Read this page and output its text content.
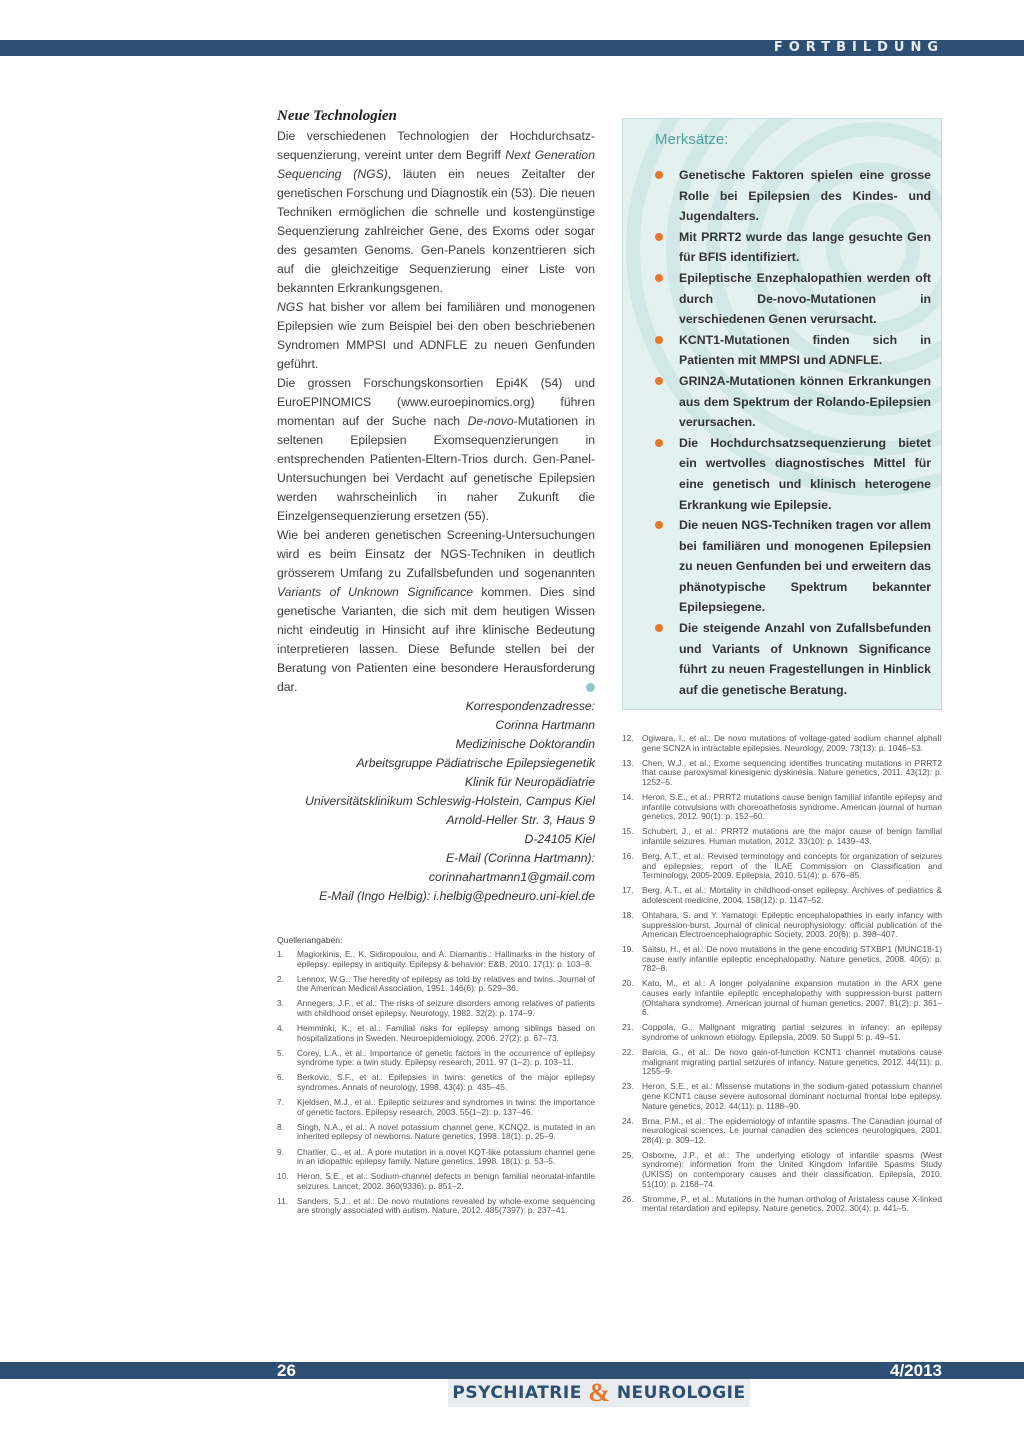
FORTBILDUNG
Neue Technologien

Die verschiedenen Technologien der Hochdurchsatz-sequenzierung, vereint unter dem Begriff Next Generation Sequencing (NGS), läuten ein neues Zeitalter der genetischen Forschung und Diagnostik ein (53). Die neuen Techniken ermöglichen die schnelle und kostengünstige Sequenzierung zahlreicher Gene, des Exoms oder sogar des gesamten Genoms. Gen-Panels konzentrieren sich auf die gleichzeitige Sequenzierung einer Liste von bekannten Erkrankungsgenen.

NGS hat bisher vor allem bei familiären und monogenen Epilepsien wie zum Beispiel bei den oben beschriebenen Syndromen MMPSI und ADNFLE zu neuen Genfunden geführt.

Die grossen Forschungskonsortien Epi4K (54) und EuroEPINOMICS (www.euroepinomics.org) führen momentan auf der Suche nach De-novo-Mutationen in seltenen Epilepsien Exomsequenzierungen in entsprechenden Patienten-Eltern-Trios durch. Gen-Panel-Untersuchungen bei Verdacht auf genetische Epilepsien werden wahrscheinlich in naher Zukunft die Einzelgensequenzierung ersetzen (55).

Wie bei anderen genetischen Screening-Untersuchungen wird es beim Einsatz der NGS-Techniken in deutlich grösserem Umfang zu Zufallsbefunden und sogenannten Variants of Unknown Significance kommen. Dies sind genetische Varianten, die sich mit dem heutigen Wissen nicht eindeutig in Hinsicht auf ihre klinische Bedeutung interpretieren lassen. Diese Befunde stellen bei der Beratung von Patienten eine besondere Herausforderung dar.

Korrespondenzadresse:
Corinna Hartmann
Medizinische Doktorandin
Arbeitsgruppe Pädiatrische Epilepsiegenetik
Klinik für Neuropädiatrie
Universitätsklinikum Schleswig-Holstein, Campus Kiel
Arnold-Heller Str. 3, Haus 9
D-24105 Kiel
E-Mail (Corinna Hartmann):
corinnahartmann1@gmail.com
E-Mail (Ingo Helbig): i.helbig@pedneuro.uni-kiel.de
Quellenangaben:
1.	Magiorkinis, E., K. Sidiropoulou, and A. Diamantis.: Hallmarks in the history of epilepsy: epilepsy in antiquity. Epilepsy & behavior: E&B, 2010. 17(1): p. 103–8.
2.	Lennox, W.G.: The heredity of epilepsy as told by relatives and twins. Journal of the American Medical Association, 1951. 146(6): p. 529–36.
3.	Annegers, J.F., et al.: The risks of seizure disorders among relatives of patients with childhood onset epilepsy. Neurology, 1982. 32(2): p. 174–9.
4.	Hemminki, K., et al.: Familial risks for epilepsy among siblings based on hospitalizations in Sweden. Neuroepidemiology, 2006. 27(2): p. 67–73.
5.	Corey, L.A., et al.: Importance of genetic factors in the occurrence of epilepsy syndrome type: a twin study. Epilepsy research, 2011. 97 (1–2): p. 103–11.
6.	Berkovic, S.F., et al.: Epilepsies in twins: genetics of the major epilepsy syndromes. Annals of neurology, 1998. 43(4): p. 435–45.
7.	Kjeldsen, M.J., et al.: Epileptic seizures and syndromes in twins: the importance of genetic factors. Epilepsy research, 2003. 55(1–2): p. 137–46.
8.	Singh, N.A., et al.: A novel potassium channel gene, KCNQ2, is mutated in an inherited epilepsy of newborns. Nature genetics, 1998. 18(1): p. 25–9.
9.	Charlier, C., et al.: A pore mutation in a novel KQT-like potassium channel gene in an idiopathic epilepsy family. Nature genetics, 1998. 18(1): p. 53–5.
10. Heron, S.E., et al.: Sodium-channel defects in benign familial neonatal-infantile seizures. Lancet, 2002. 360(9336): p. 851–2.
11.	Sanders, S.J., et al.: De novo mutations revealed by whole-exome sequencing are strongly associated with autism. Nature, 2012. 485(7397): p. 237–41.
Merksätze:
Genetische Faktoren spielen eine grosse Rolle bei Epilepsien des Kindes- und Jugendalters.
Mit PRRT2 wurde das lange gesuchte Gen für BFIS identifiziert.
Epileptische Enzephalopathien werden oft durch De-novo-Mutationen in verschiedenen Genen verursacht.
KCNT1-Mutationen finden sich in Patienten mit MMPSI und ADNFLE.
GRIN2A-Mutationen können Erkrankungen aus dem Spektrum der Rolando-Epilepsien verursachen.
Die Hochdurchsatzsequenzierung bietet ein wertvolles diagnostisches Mittel für eine genetisch und klinisch heterogene Erkrankung wie Epilepsie.
Die neuen NGS-Techniken tragen vor allem bei familiären und monogenen Epilepsien zu neuen Genfunden bei und erweitern das phänotypische Spektrum bekannter Epilepsiegene.
Die steigende Anzahl von Zufallsbefunden und Variants of Unknown Significance führt zu neuen Fragestellungen in Hinblick auf die genetische Beratung.
12. Ogiwara, I., et al.: De novo mutations of voltage-gated sodium channel alphaII gene SCN2A in intractable epilepsies. Neurology, 2009. 73(13): p. 1046–53.
13. Chen, W.J., et al.: Exome sequencing identifies truncating mutations in PRRT2 that cause paroxysmal kinesigenic dyskinesia. Nature genetics, 2011. 43(12): p. 1252–5.
14. Heron, S.E., et al.: PRRT2 mutations cause benign familial infantile epilepsy and infantile convulsions with choreoathetosis syndrome. American journal of human genetics, 2012. 90(1): p. 152–60.
15. Schubert, J., et al.: PRRT2 mutations are the major cause of benign familial infantile seizures. Human mutation, 2012. 33(10): p. 1439–43.
16. Berg, A.T., et al.: Revised terminology and concepts for organization of seizures and epilepsies: report of the ILAE Commission on Classification and Terminology, 2005-2009. Epilepsia, 2010. 51(4): p. 676–85.
17. Berg, A.T., et al.: Mortality in childhood-onset epilepsy. Archives of pediatrics & adolescent medicine, 2004. 158(12): p. 1147–52.
18. Ohtahara, S. and Y. Yamatogi: Epileptic encephalopathies in early infancy with suppression-burst. Journal of clinical neurophysiology: official publication of the American Electroencephalographic Society, 2003. 20(6): p. 398–407.
19. Saitsu, H., et al.: De novo mutations in the gene encoding STXBP1 (MUNC18-1) cause early infantile epileptic encephalopathy. Nature genetics, 2008. 40(6): p. 782–8.
20. Kato, M., et al.: A longer polyalanine expansion mutation in the ARX gene causes early infantile epileptic encephalopathy with suppression-burst pattern (Ohtahara syndrome). American journal of human genetics, 2007. 81(2): p. 361–6.
21. Coppola, G.: Malignant migrating partial seizures in infancy: an epilepsy syndrome of unknown etiology. Epilepsia, 2009. 50 Suppl 5: p. 49–51.
22. Barcia, G., et al.: De novo gain-of-function KCNT1 channel mutations cause malignant migrating partial seizures of infancy. Nature genetics, 2012. 44(11): p. 1255–9.
23. Heron, S.E., et al.: Missense mutations in the sodium-gated potassium channel gene KCNT1 cause severe autosomal dominant nocturnal frontal lobe epilepsy. Nature genetics, 2012. 44(11): p. 1188–90.
24. Brna, P.M., et al.: The epidemiology of infantile spasms. The Canadian journal of neurological sciences. Le journal canadien des sciences neurologiques, 2001. 28(4): p. 309–12.
25. Osborne, J.P., et al.: The underlying etiology of infantile spasms (West syndrome): information from the United Kingdom Infantile Spasms Study (UKISS) on contemporary causes and their classification. Epilepsia, 2010. 51(10): p. 2168–74.
26. Stromme, P., et al.: Mutations in the human ortholog of Aristaless cause X-linked mental retardation and epilepsy. Nature genetics, 2002. 30(4): p. 441–5.
26	4/2013
PSYCHIATRIE & NEUROLOGIE
